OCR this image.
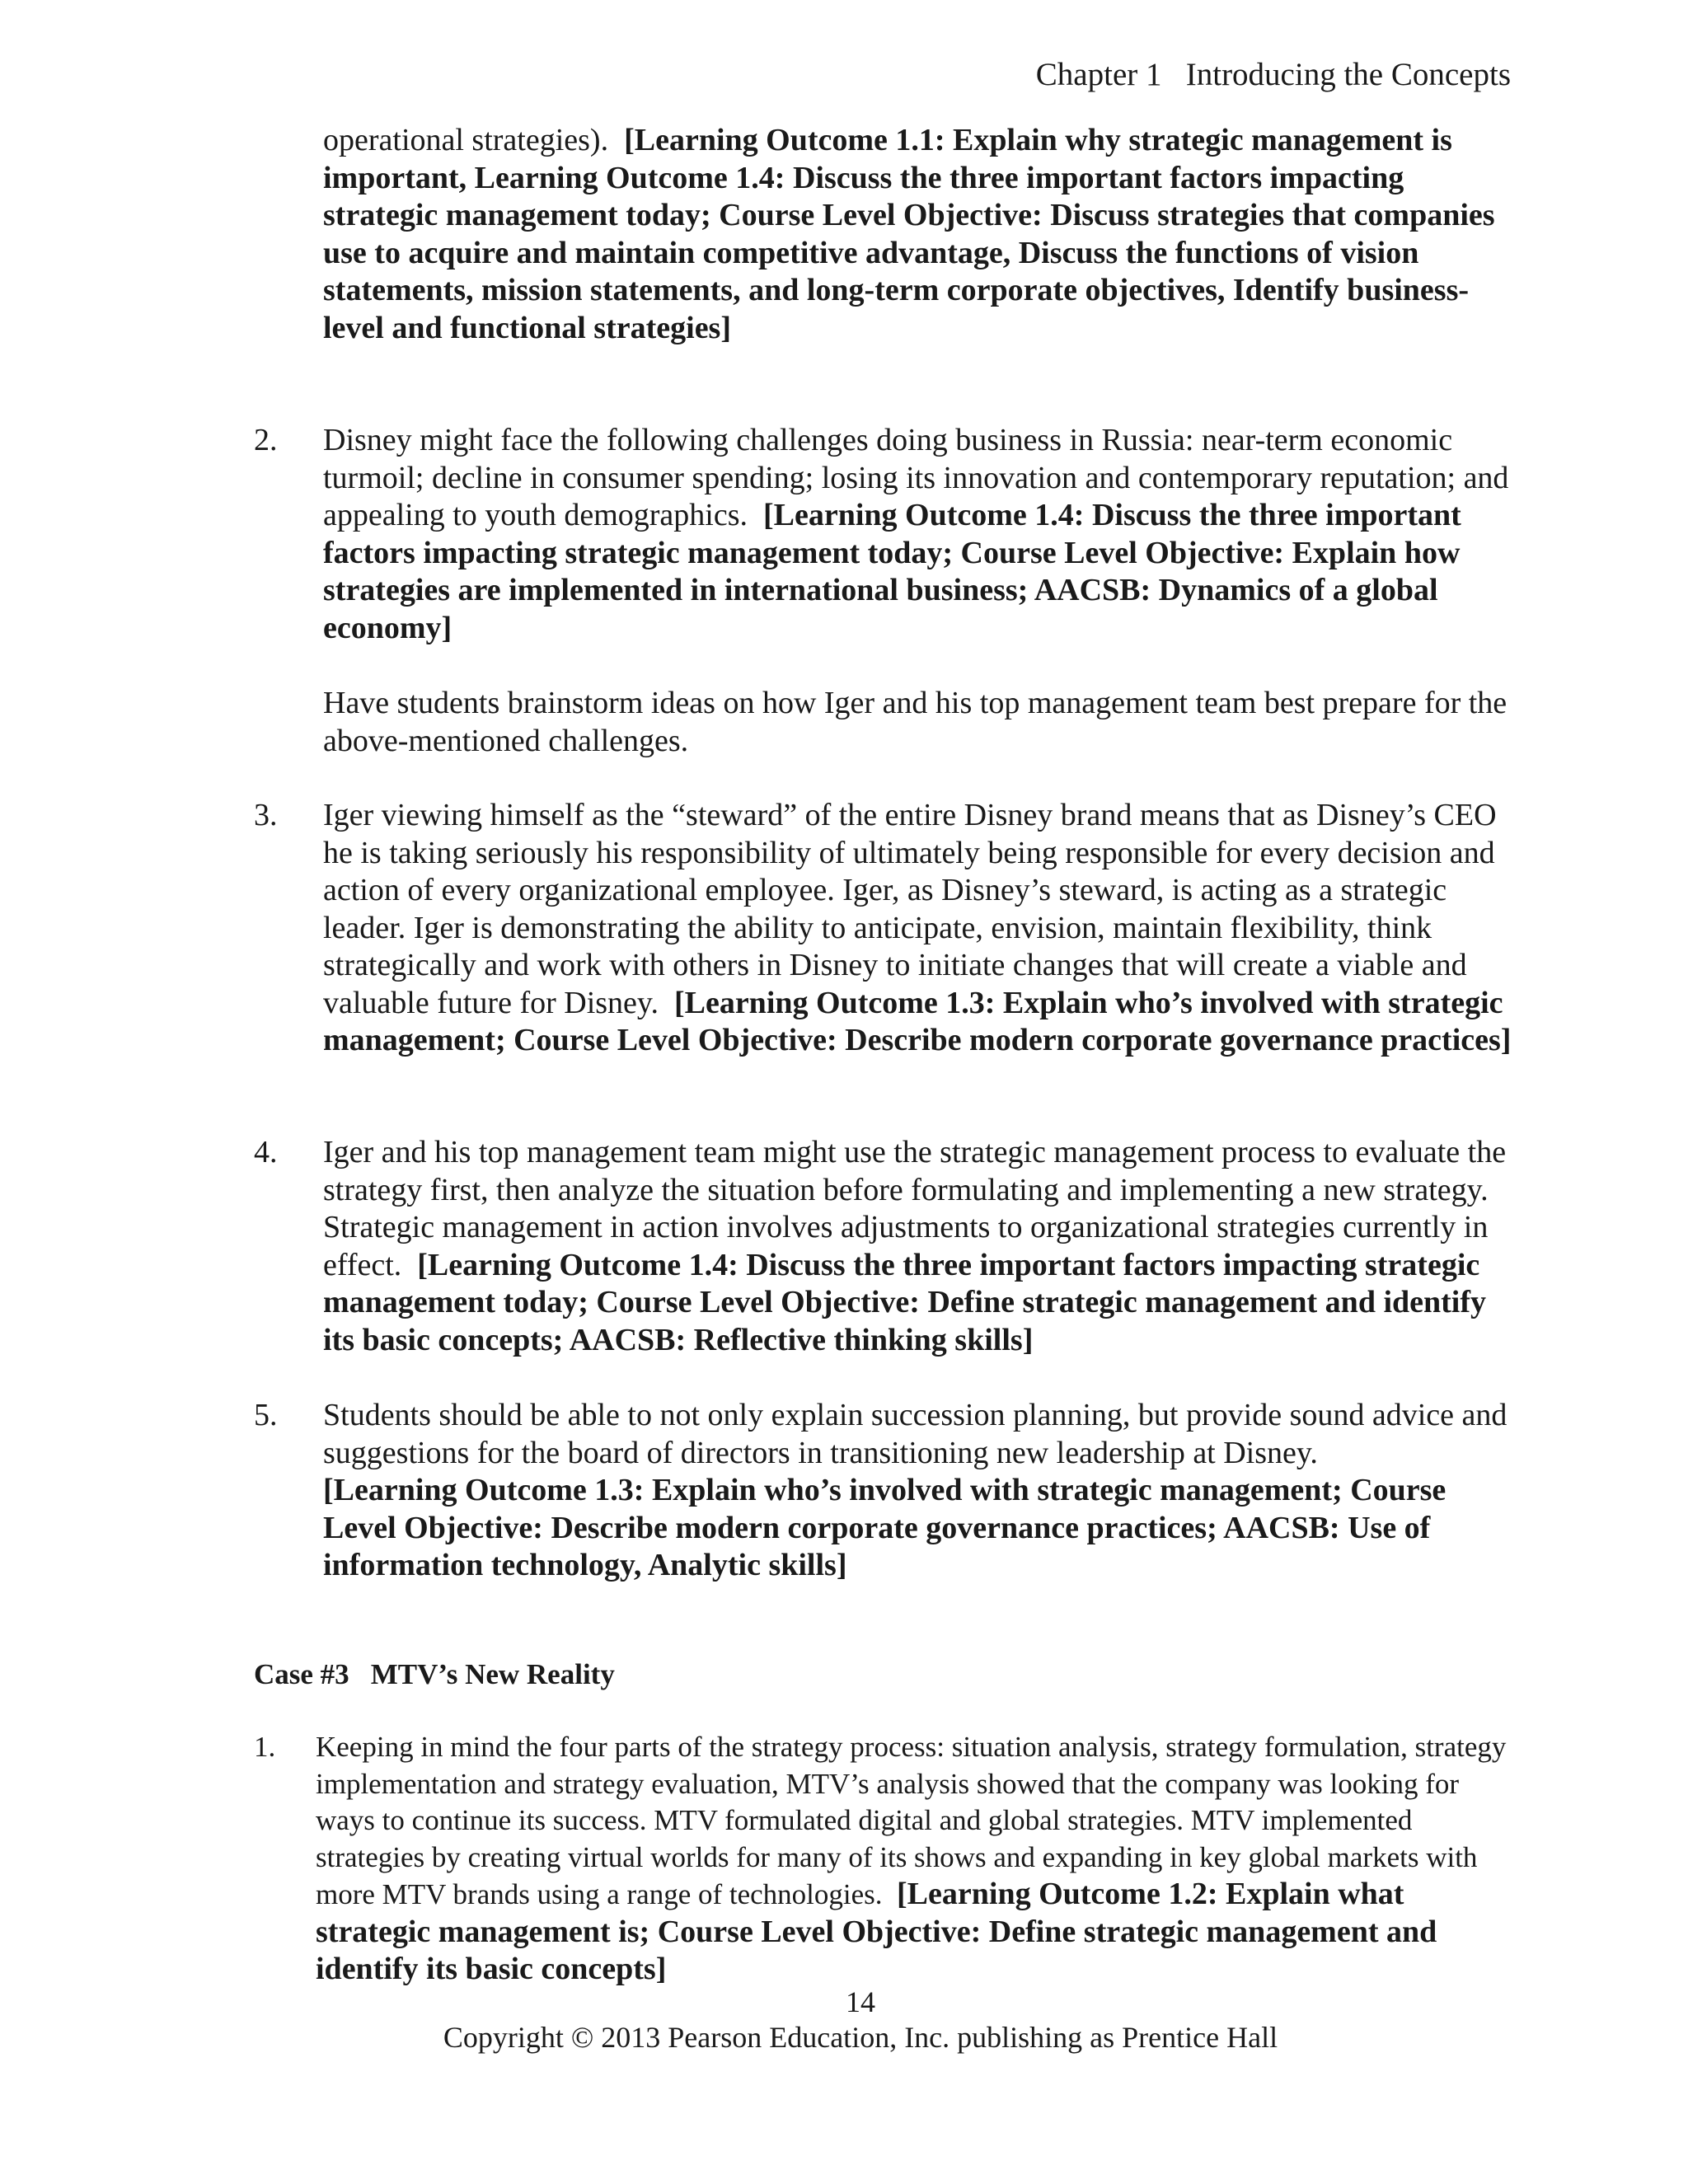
Chapter 1 Introducing the Concepts
operational strategies). [Learning Outcome 1.1: Explain why strategic management is important, Learning Outcome 1.4: Discuss the three important factors impacting strategic management today; Course Level Objective: Discuss strategies that companies use to acquire and maintain competitive advantage, Discuss the functions of vision statements, mission statements, and long-term corporate objectives, Identify business-level and functional strategies]
2. Disney might face the following challenges doing business in Russia: near-term economic turmoil; decline in consumer spending; losing its innovation and contemporary reputation; and appealing to youth demographics. [Learning Outcome 1.4: Discuss the three important factors impacting strategic management today; Course Level Objective: Explain how strategies are implemented in international business; AACSB: Dynamics of a global economy]
Have students brainstorm ideas on how Iger and his top management team best prepare for the above-mentioned challenges.
3. Iger viewing himself as the “steward” of the entire Disney brand means that as Disney’s CEO he is taking seriously his responsibility of ultimately being responsible for every decision and action of every organizational employee. Iger, as Disney’s steward, is acting as a strategic leader. Iger is demonstrating the ability to anticipate, envision, maintain flexibility, think strategically and work with others in Disney to initiate changes that will create a viable and valuable future for Disney. [Learning Outcome 1.3: Explain who’s involved with strategic management; Course Level Objective: Describe modern corporate governance practices]
4. Iger and his top management team might use the strategic management process to evaluate the strategy first, then analyze the situation before formulating and implementing a new strategy. Strategic management in action involves adjustments to organizational strategies currently in effect. [Learning Outcome 1.4: Discuss the three important factors impacting strategic management today; Course Level Objective: Define strategic management and identify its basic concepts; AACSB: Reflective thinking skills]
5. Students should be able to not only explain succession planning, but provide sound advice and suggestions for the board of directors in transitioning new leadership at Disney.
[Learning Outcome 1.3: Explain who’s involved with strategic management; Course Level Objective: Describe modern corporate governance practices; AACSB: Use of information technology, Analytic skills]
Case #3 MTV’s New Reality
1. Keeping in mind the four parts of the strategy process: situation analysis, strategy formulation, strategy implementation and strategy evaluation, MTV’s analysis showed that the company was looking for ways to continue its success. MTV formulated digital and global strategies. MTV implemented strategies by creating virtual worlds for many of its shows and expanding in key global markets with more MTV brands using a range of technologies. [Learning Outcome 1.2: Explain what strategic management is; Course Level Objective: Define strategic management and identify its basic concepts]
14
Copyright © 2013 Pearson Education, Inc. publishing as Prentice Hall
